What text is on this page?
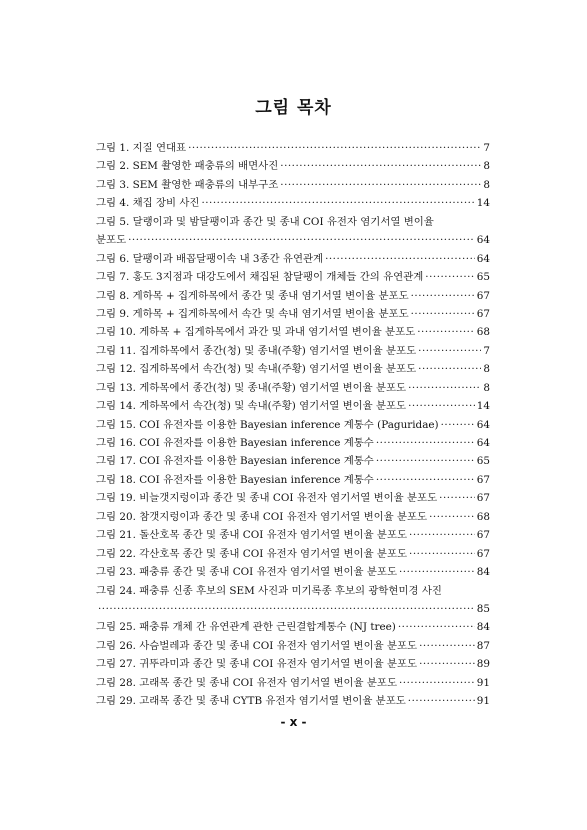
그림 목차
그림 1. 지질 연대표 ·····	7
그림 2. SEM 촬영한 패충류의 배면사진 ·····	8
그림 3. SEM 촬영한 패충류의 내부구조 ·····	8
그림 4. 채집 장비 사진 ·····	14
그림 5. 달랭이과 및 밤달팽이과 종간 및 종내 COI 유전자 염기서열 변이율
분포도 ·····	64
그림 6. 달팽이과 배꼽달팽이속 내 3종간 유연관계 ·····	64
그림 7. 홍도 3지점과 대강도에서 채집된 참달팽이 개체들 간의 유연관계 ·····	65
그림 8. 게하목 + 집게하목에서 종간 및 종내 염기서열 변이율 분포도 ·····	67
그림 9. 게하목 + 집게하목에서 속간 및 속내 염기서열 변이율 분포도 ·····	67
그림 10. 게하목 + 집게하목에서 과간 및 과내 염기서열 변이율 분포도 ·····	68
그림 11. 집게하목에서 종간(청) 및 종내(주황) 염기서열 변이율 분포도 ·····	7
그림 12. 집게하목에서 속간(청) 및 속내(주황) 염기서열 변이율 분포도 ·····	8
그림 13. 게하목에서 종간(청) 및 종내(주황) 염기서열 변이율 분포도 ·····	8
그림 14. 게하목에서 속간(청) 및 속내(주황) 염기서열 변이율 분포도 ·····	14
그림 15. COI 유전자를 이용한 Bayesian inference 계통수 (Paguridae) ·····	64
그림 16. COI 유전자를 이용한 Bayesian inference 계통수 ·····	64
그림 17. COI 유전자를 이용한 Bayesian inference 계통수 ·····	65
그림 18. COI 유전자를 이용한 Bayesian inference 계통수 ·····	67
그림 19. 비늘갯지렁이과 종간 및 종내 COI 유전자 염기서열 변이율 분포도 ·····	67
그림 20. 참갯지렁이과 종간 및 종내 COI 유전자 염기서열 변이율 분포도 ·····	68
그림 21. 돌산호목 종간 및 종내 COI 유전자 염기서열 변이율 분포도 ·····	67
그림 22. 각산호목 종간 및 종내 COI 유전자 염기서열 변이율 분포도 ·····	67
그림 23. 패충류 종간 및 종내 COI 유전자 염기서열 변이율 분포도 ·····	84
그림 24. 패충류 신종 후보의 SEM 사진과 미기록종 후보의 광학현미경 사진
·····
85
그림 25. 패충류 개체 간 유연관계 관한 근린결합계통수 (NJ tree) ·····	84
그림 26. 사슴벌레과 종간 및 종내 COI 유전자 염기서열 변이율 분포도 ·····	87
그림 27. 귀뚜라미과 종간 및 종내 COI 유전자 염기서열 변이율 분포도 ·····	89
그림 28. 고래목 종간 및 종내 COI 유전자 염기서열 변이율 분포도 ·····	91
그림 29. 고래목 종간 및 종내 CYTB 유전자 염기서열 변이율 분포도 ·····	91
- x -
